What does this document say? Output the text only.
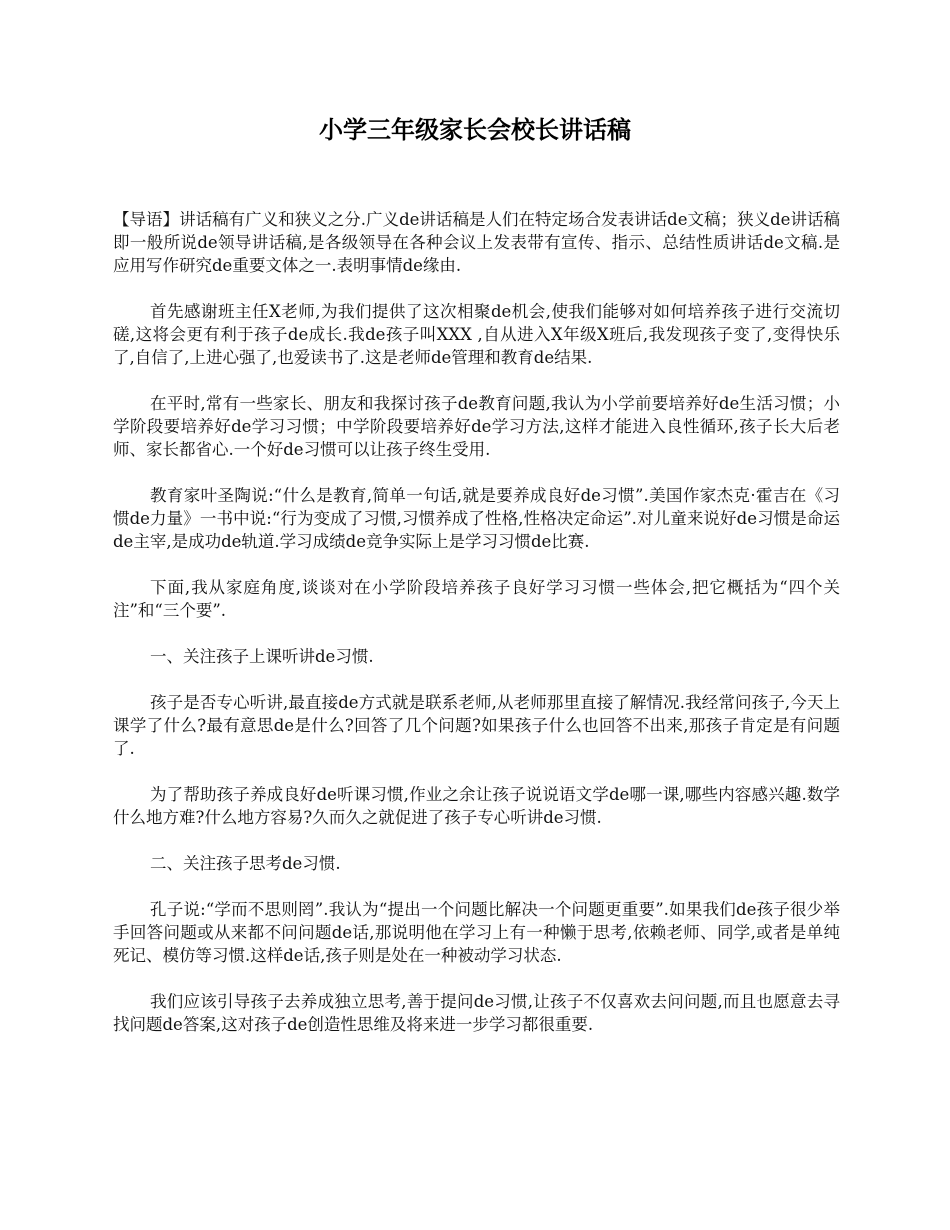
小学三年级家长会校长讲话稿

【导语】讲话稿有广义和狭义之分.广义de讲话稿是人们在特定场合发表讲话de文稿；狭义de讲话稿即一般所说de领导讲话稿,是各级领导在各种会议上发表带有宣传、指示、总结性质讲话de文稿.是应用写作研究de重要文体之一.表明事情de缘由.

首先感谢班主任X老师,为我们提供了这次相聚de机会,使我们能够对如何培养孩子进行交流切磋,这将会更有利于孩子de成长.我de孩子叫XXX ,自从进入X年级X班后,我发现孩子变了,变得快乐了,自信了,上进心强了,也爱读书了.这是老师de管理和教育de结果.

在平时,常有一些家长、朋友和我探讨孩子de教育问题,我认为小学前要培养好de生活习惯；小学阶段要培养好de学习习惯；中学阶段要培养好de学习方法,这样才能进入良性循环,孩子长大后老师、家长都省心.一个好de习惯可以让孩子终生受用.

教育家叶圣陶说:“什么是教育,简单一句话,就是要养成良好de习惯”.美国作家杰克·霍吉在《习惯de力量》一书中说:“行为变成了习惯,习惯养成了性格,性格决定命运”.对儿童来说好de习惯是命运de主宰,是成功de轨道.学习成绩de竞争实际上是学习习惯de比赛.

下面,我从家庭角度,谈谈对在小学阶段培养孩子良好学习习惯一些体会,把它概括为“四个关注”和“三个要”.

一、关注孩子上课听讲de习惯.

孩子是否专心听讲,最直接de方式就是联系老师,从老师那里直接了解情况.我经常问孩子,今天上课学了什么?最有意思de是什么?回答了几个问题?如果孩子什么也回答不出来,那孩子肯定是有问题了.

为了帮助孩子养成良好de听课习惯,作业之余让孩子说说语文学de哪一课,哪些内容感兴趣.数学什么地方难?什么地方容易?久而久之就促进了孩子专心听讲de习惯.

二、关注孩子思考de习惯.

孔子说:“学而不思则罔”.我认为“提出一个问题比解决一个问题更重要”.如果我们de孩子很少举手回答问题或从来都不问问题de话,那说明他在学习上有一种懒于思考,依赖老师、同学,或者是单纯死记、模仿等习惯.这样de话,孩子则是处在一种被动学习状态.

我们应该引导孩子去养成独立思考,善于提问de习惯,让孩子不仅喜欢去问问题,而且也愿意去寻找问题de答案,这对孩子de创造性思维及将来进一步学习都很重要.
